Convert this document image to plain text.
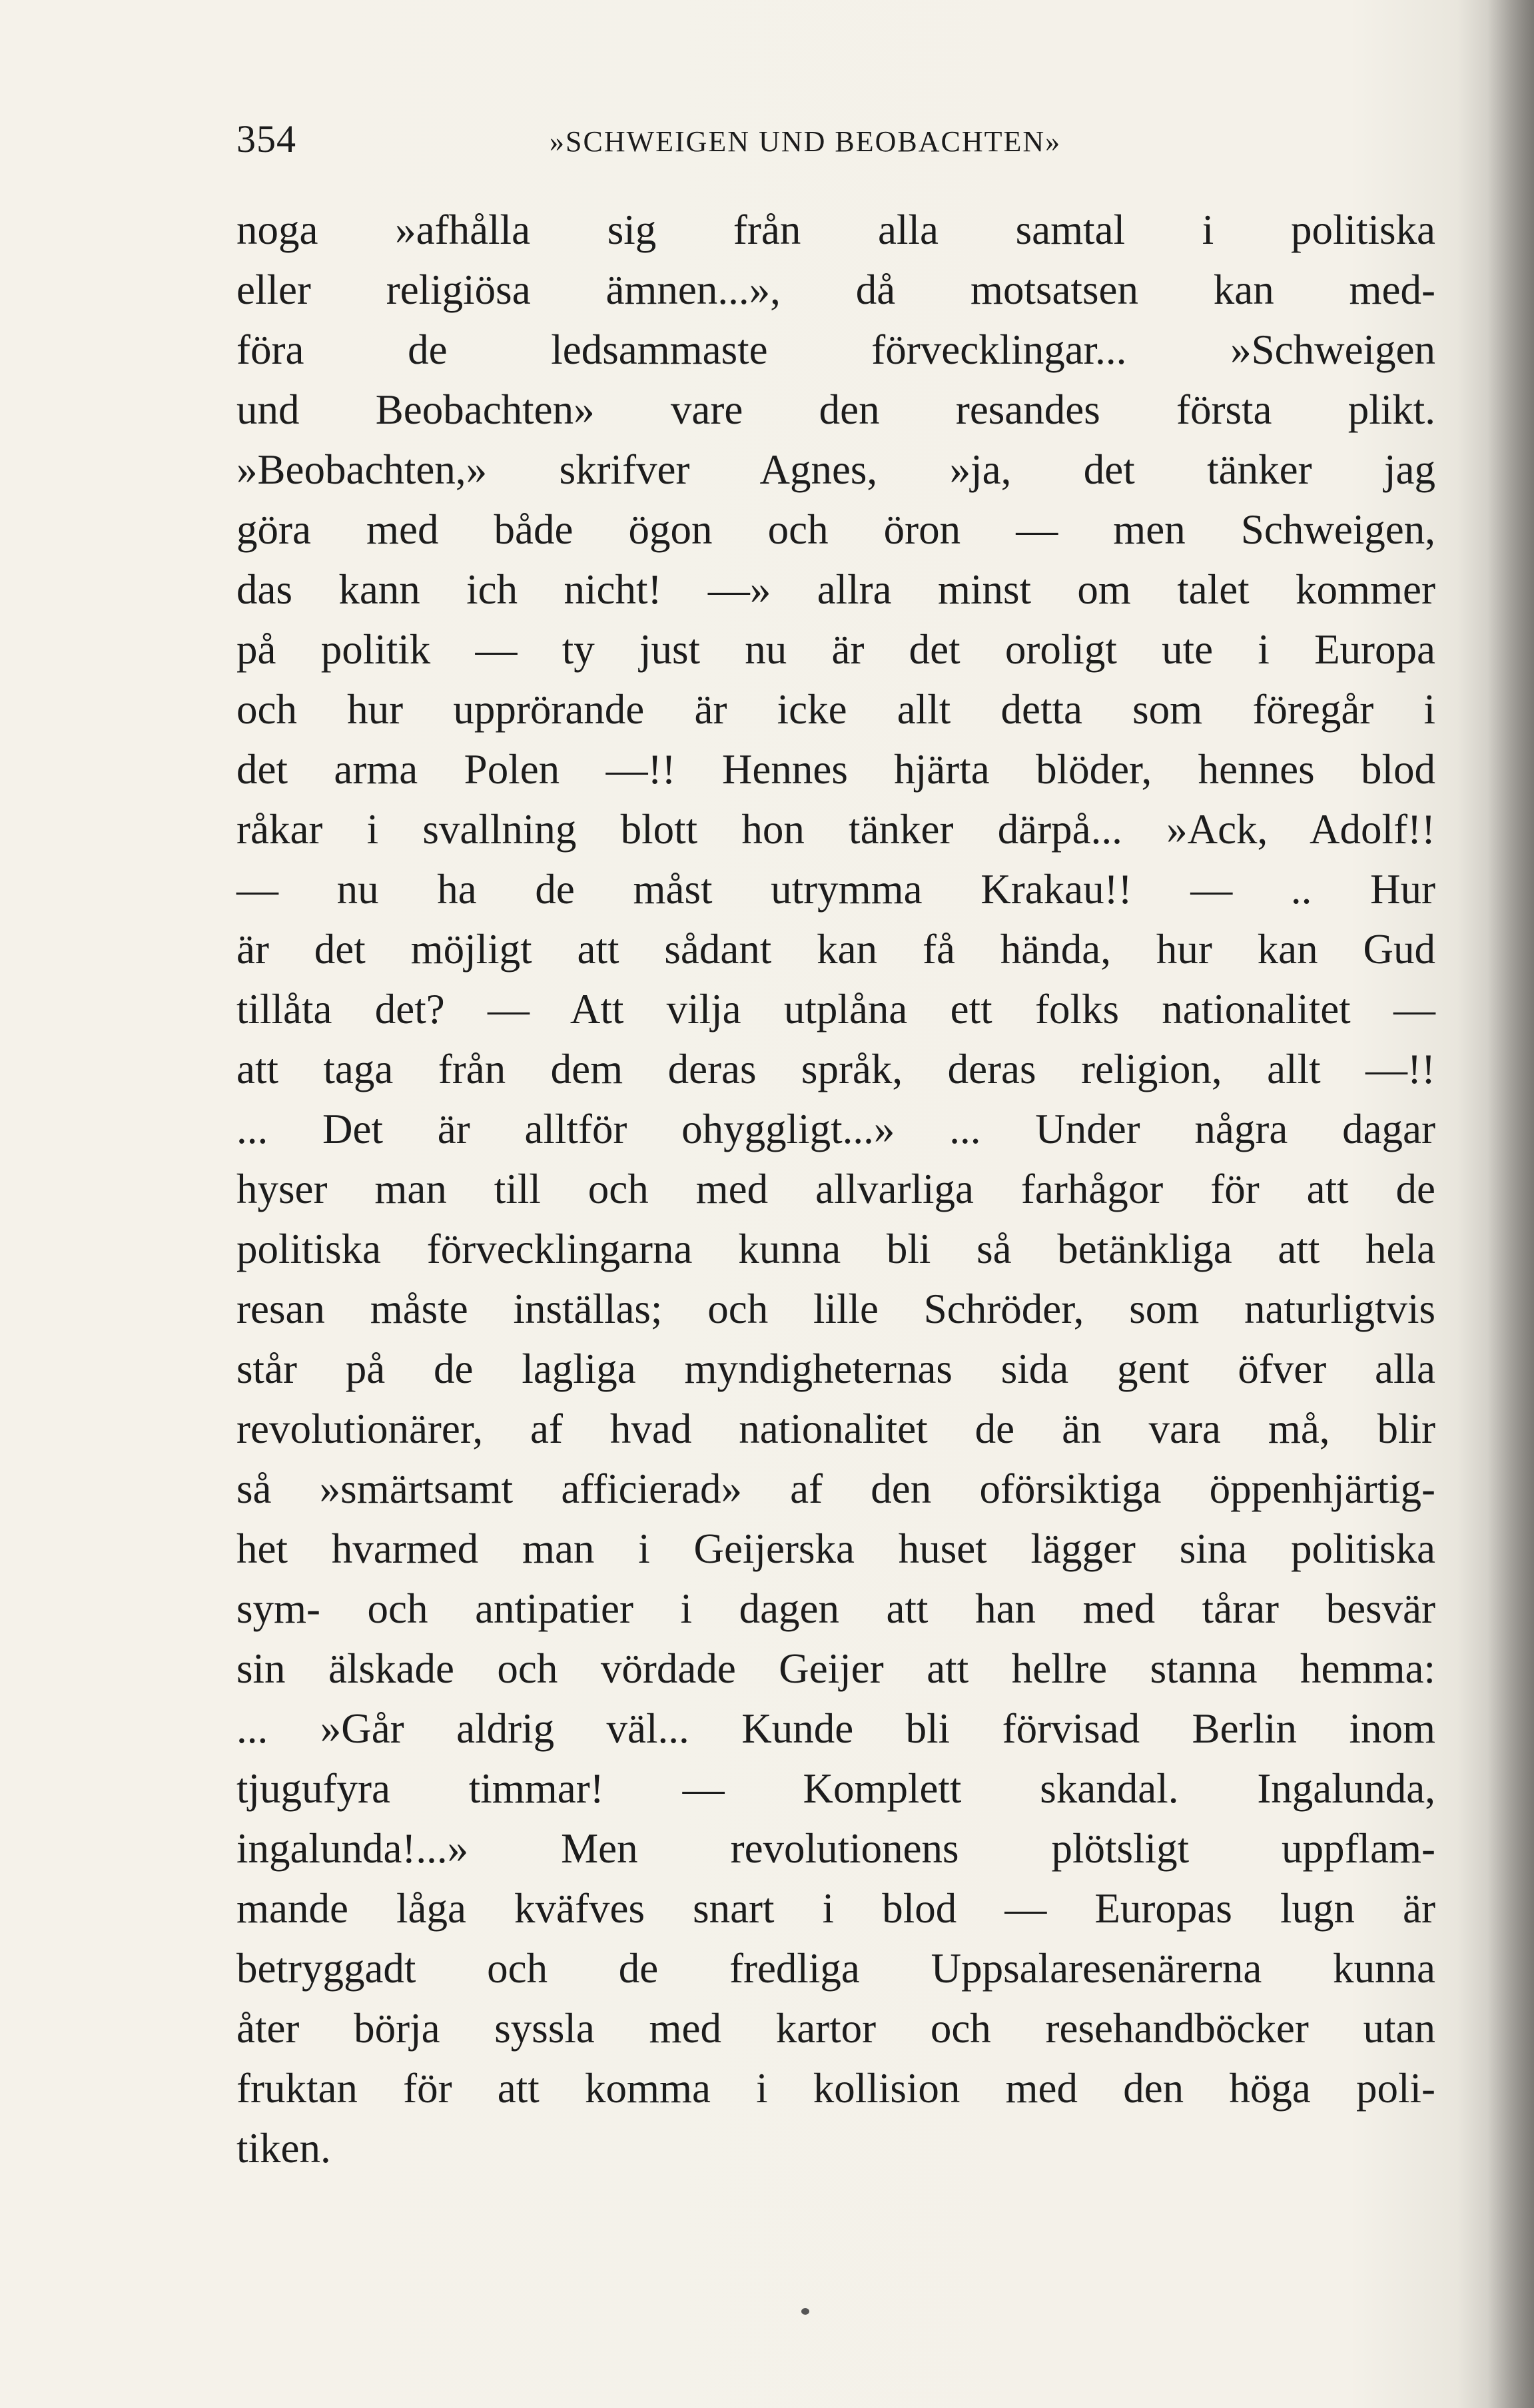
354	»SCHWEIGEN UND BEOBACHTEN»
noga »afhålla sig från alla samtal i politiska
eller religiösa ämnen...», då motsatsen kan med-
föra de ledsammaste förvecklingar... »Schweigen
und Beobachten» vare den resandes första plikt.
»Beobachten,» skrifver Agnes, »ja, det tänker jag
göra med både ögon och öron — men Schweigen,
das kann ich nicht! —» allra minst om talet kommer
på politik — ty just nu är det oroligt ute i Europa
och hur upprörande är icke allt detta som föregår i
det arma Polen —!! Hennes hjärta blöder, hennes blod
råkar i svallning blott hon tänker därpå... »Ack, Adolf!!
— nu ha de måst utrymma Krakau!! — .. Hur
är det möjligt att sådant kan få hända, hur kan Gud
tillåta det? — Att vilja utplåna ett folks nationalitet —
att taga från dem deras språk, deras religion, allt —!!
... Det är alltför ohyggligt...» ... Under några dagar
hyser man till och med allvarliga farhågor för att de
politiska förvecklingarna kunna bli så betänkliga att hela
resan måste inställas; och lille Schröder, som naturligtvis
står på de lagliga myndigheternas sida gent öfver alla
revolutionärer, af hvad nationalitet de än vara må, blir
så »smärtsamt afficierad» af den oförsiktiga öppenhjärtig-
het hvarmed man i Geijerska huset lägger sina politiska
sym- och antipatier i dagen att han med tårar besvär
sin älskade och vördade Geijer att hellre stanna hemma:
... »Går aldrig väl... Kunde bli förvisad Berlin inom
tjugufyra timmar! — Komplett skandal. Ingalunda,
ingalunda!...» Men revolutionens plötsligt uppflam-
mande låga kväfves snart i blod — Europas lugn är
betryggadt och de fredliga Uppsalaresenärerna kunna
åter börja syssla med kartor och resehandböcker utan
fruktan för att komma i kollision med den höga poli-
tiken.
